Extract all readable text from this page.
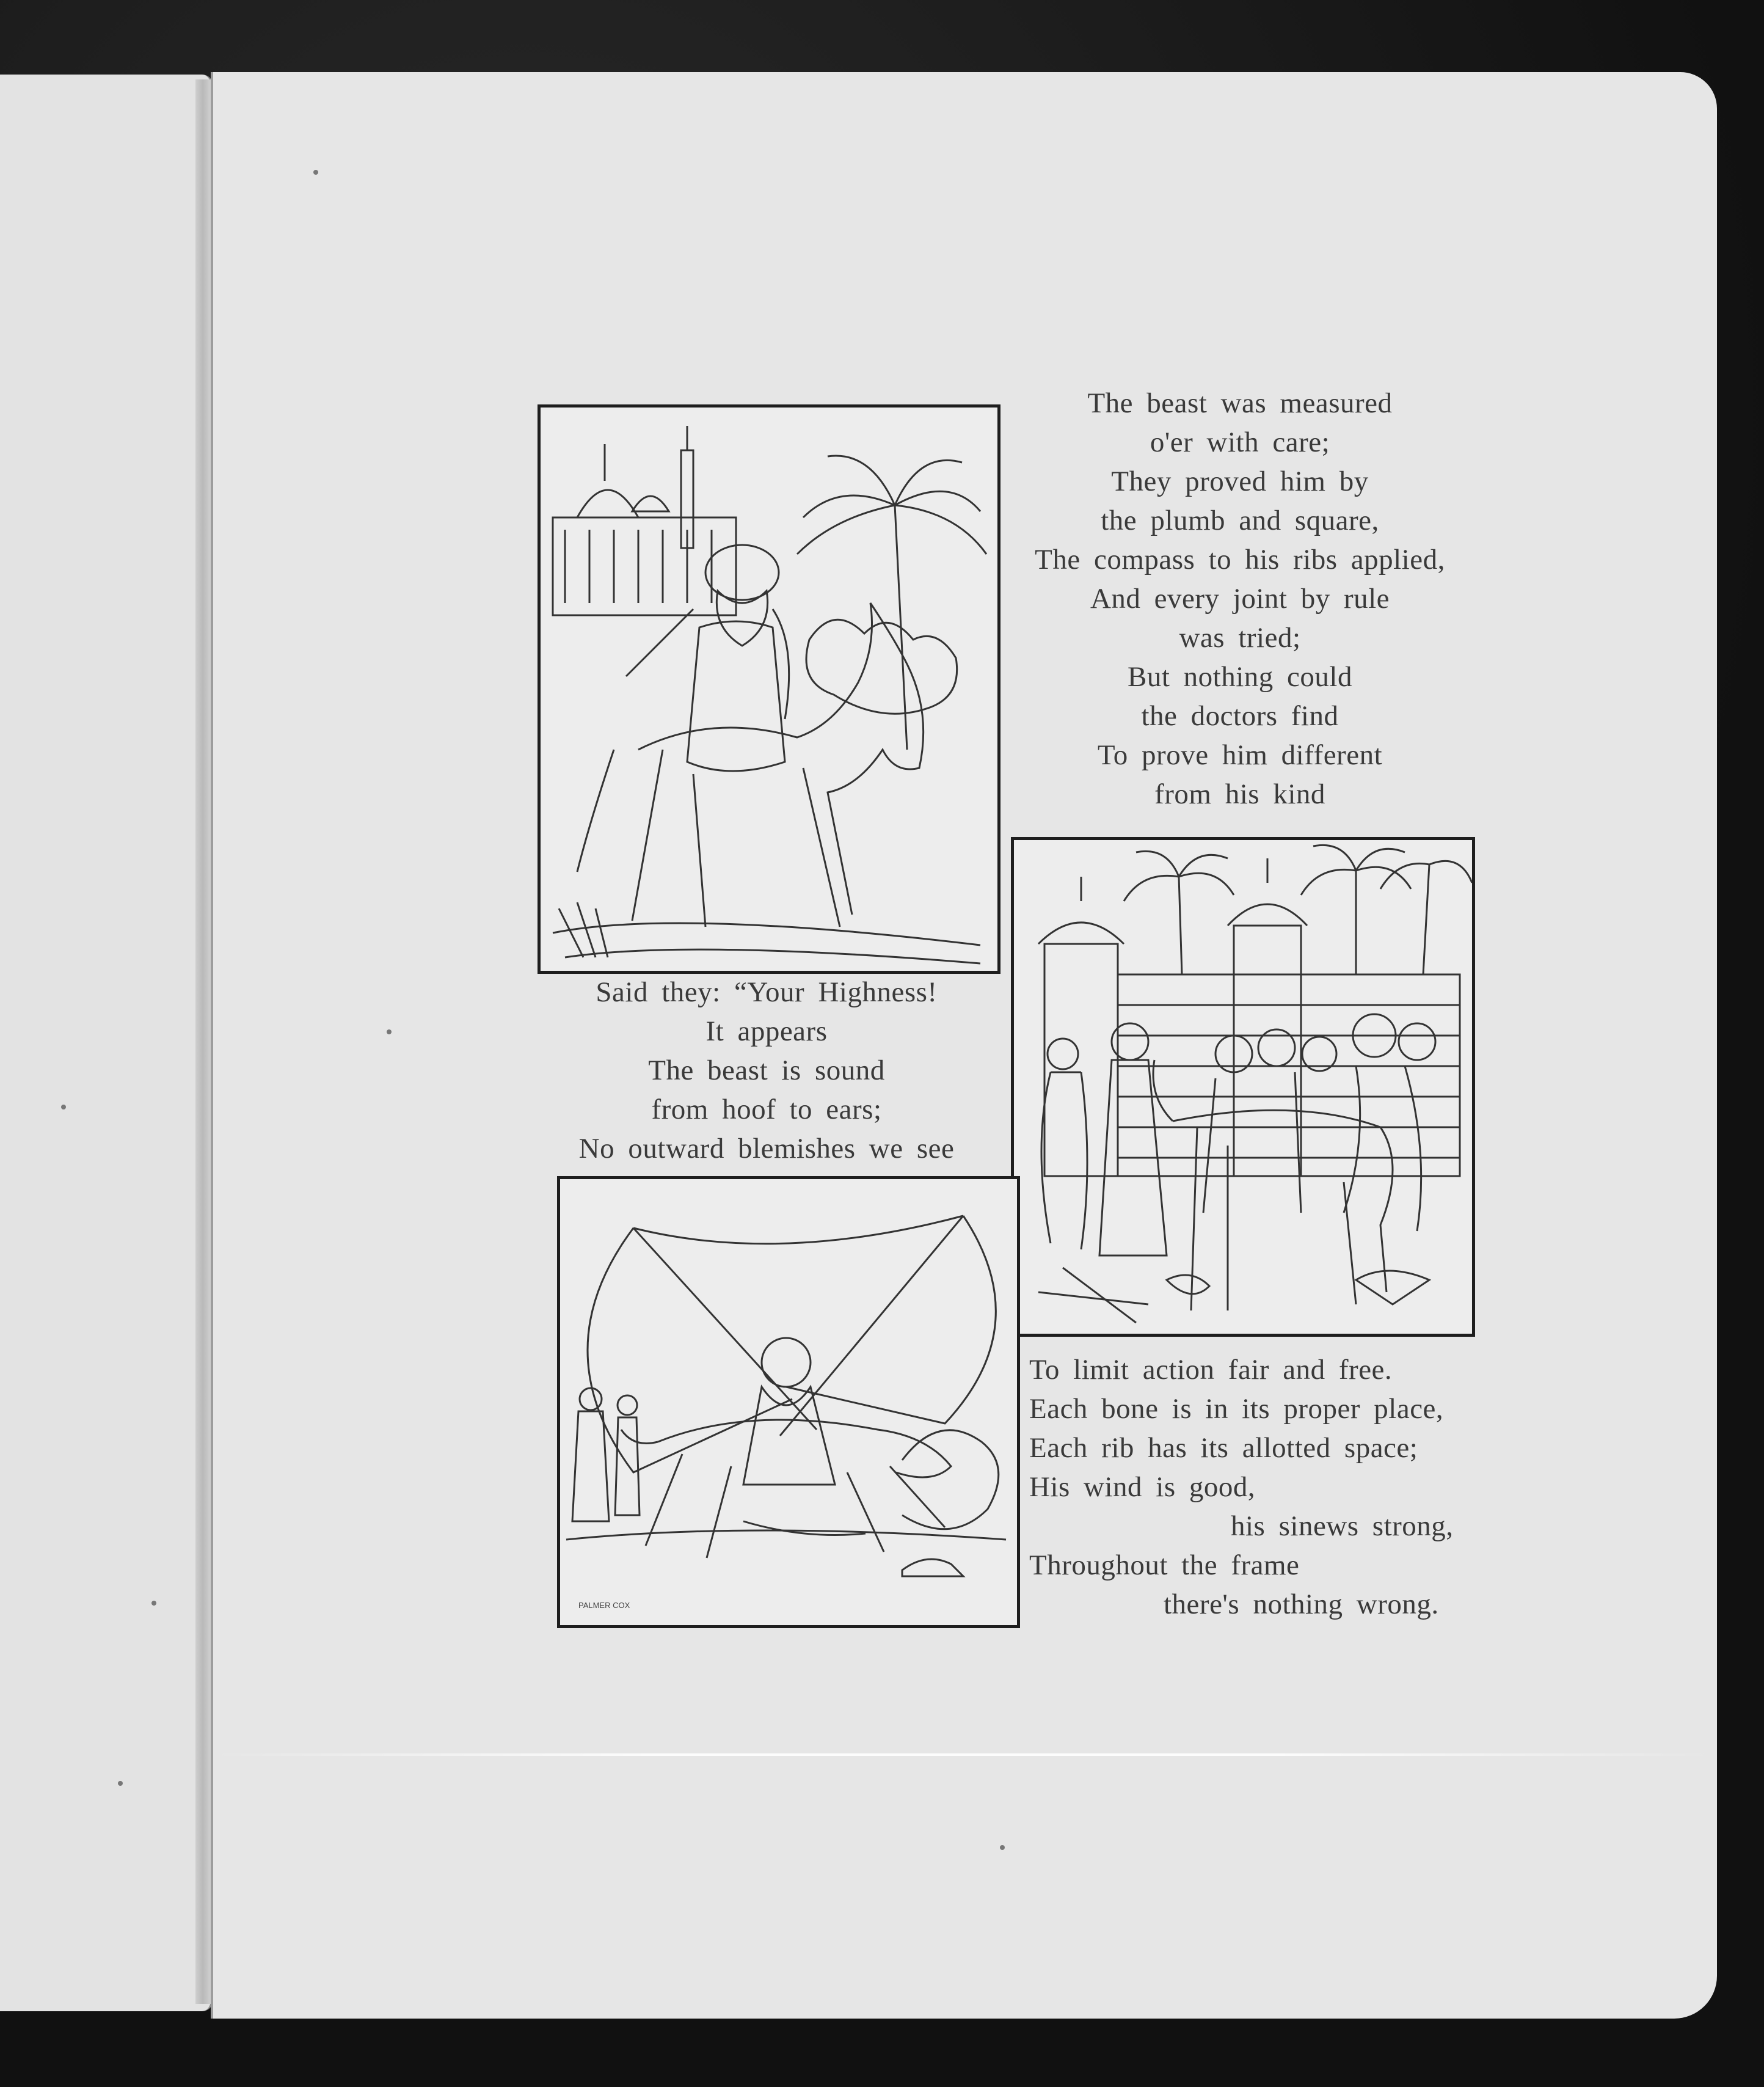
PALMER COX
The beast was measured
o'er with care;
They proved him by
the plumb and square,
The compass to his ribs applied,
And every joint by rule
was tried;
But nothing could
the doctors find
To prove him different
from his kind
Said they: “Your Highness!
It appears
The beast is sound
from hoof to ears;
No outward blemishes we see
To limit action fair and free.
Each bone is in its proper place,
Each rib has its allotted space;
His wind is good,
his sinews strong,
Throughout the frame
there's nothing wrong.
